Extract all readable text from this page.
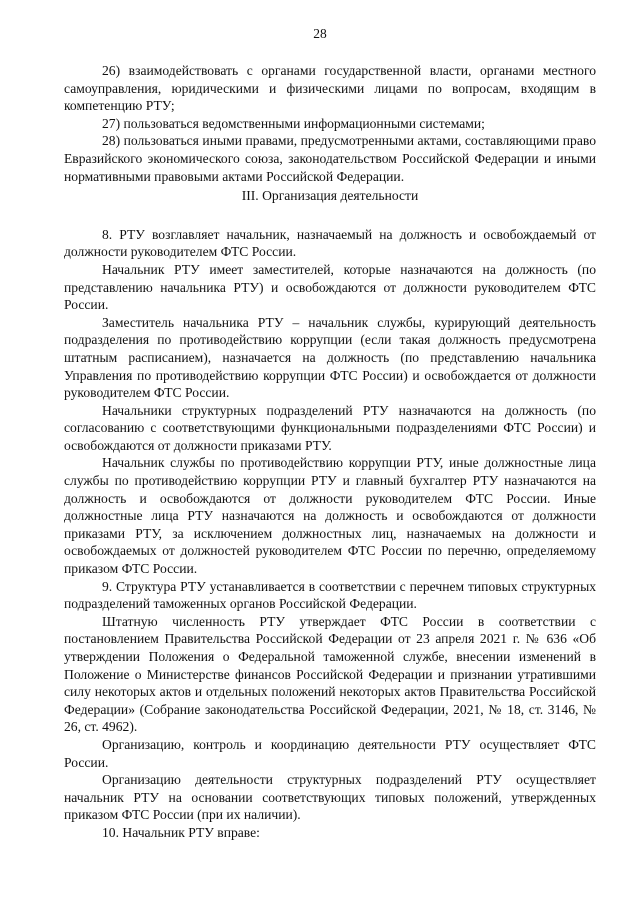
28

26) взаимодействовать с органами государственной власти, органами местного самоуправления, юридическими и физическими лицами по вопросам, входящим в компетенцию РТУ;

27) пользоваться ведомственными информационными системами;

28) пользоваться иными правами, предусмотренными актами, составляющими право Евразийского экономического союза, законодательством Российской Федерации и иными нормативными правовыми актами Российской Федерации.

III. Организация деятельности

8. РТУ возглавляет начальник, назначаемый на должность и освобождаемый от должности руководителем ФТС России.

Начальник РТУ имеет заместителей, которые назначаются на должность (по представлению начальника РТУ) и освобождаются от должности руководителем ФТС России.

Заместитель начальника РТУ – начальник службы, курирующий деятельность подразделения по противодействию коррупции (если такая должность предусмотрена штатным расписанием), назначается на должность (по представлению начальника Управления по противодействию коррупции ФТС России) и освобождается от должности руководителем ФТС России.

Начальники структурных подразделений РТУ назначаются на должность (по согласованию с соответствующими функциональными подразделениями ФТС России) и освобождаются от должности приказами РТУ.

Начальник службы по противодействию коррупции РТУ, иные должностные лица службы по противодействию коррупции РТУ и главный бухгалтер РТУ назначаются на должность и освобождаются от должности руководителем ФТС России. Иные должностные лица РТУ назначаются на должность и освобождаются от должности приказами РТУ, за исключением должностных лиц, назначаемых на должности и освобождаемых от должностей руководителем ФТС России по перечню, определяемому приказом ФТС России.

9. Структура РТУ устанавливается в соответствии с перечнем типовых структурных подразделений таможенных органов Российской Федерации.

Штатную численность РТУ утверждает ФТС России в соответствии с постановлением Правительства Российской Федерации от 23 апреля 2021 г. № 636 «Об утверждении Положения о Федеральной таможенной службе, внесении изменений в Положение о Министерстве финансов Российской Федерации и признании утратившими силу некоторых актов и отдельных положений некоторых актов Правительства Российской Федерации» (Собрание законодательства Российской Федерации, 2021, № 18, ст. 3146, № 26, ст. 4962).

Организацию, контроль и координацию деятельности РТУ осуществляет ФТС России.

Организацию деятельности структурных подразделений РТУ осуществляет начальник РТУ на основании соответствующих типовых положений, утвержденных приказом ФТС России (при их наличии).

10. Начальник РТУ вправе:
